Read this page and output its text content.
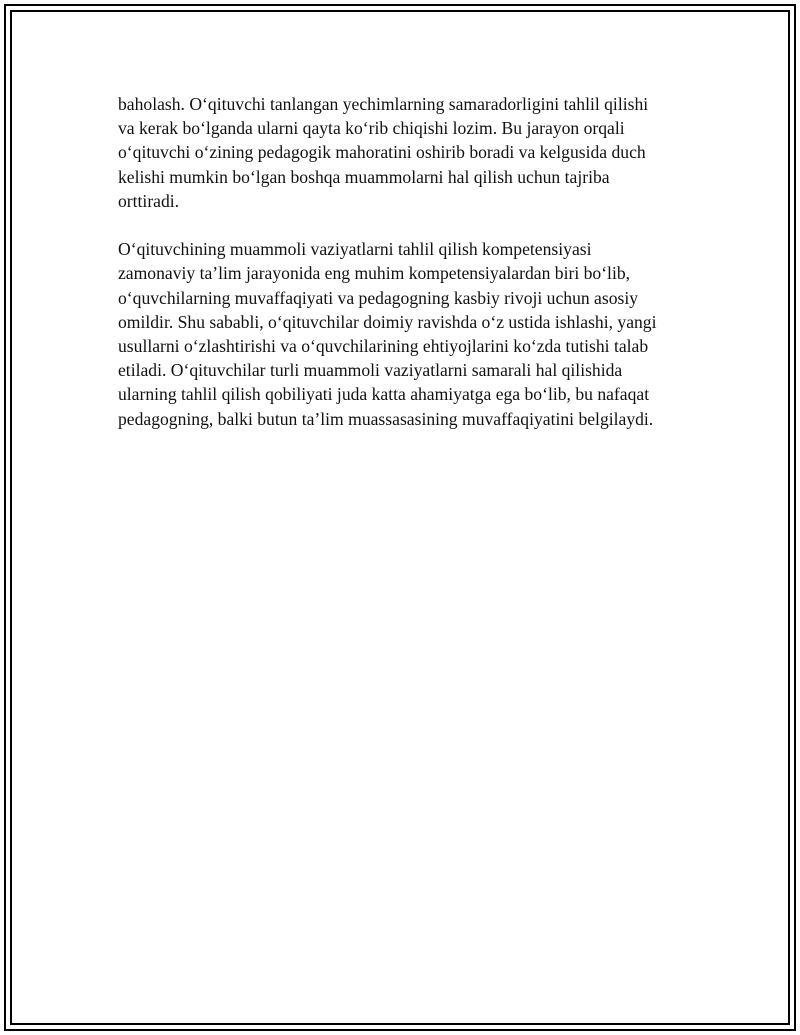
baholash. O‘qituvchi tanlangan yechimlarning samaradorligini tahlil qilishi
va kerak bo‘lganda ularni qayta ko‘rib chiqishi lozim. Bu jarayon orqali
o‘qituvchi o‘zining pedagogik mahoratini oshirib boradi va kelgusida duch
kelishi mumkin bo‘lgan boshqa muammolarni hal qilish uchun tajriba
orttiradi.

O‘qituvchining muammoli vaziyatlarni tahlil qilish kompetensiyasi
zamonaviy ta’lim jarayonida eng muhim kompetensiyalardan biri bo‘lib,
o‘quvchilarning muvaffaqiyati va pedagogning kasbiy rivoji uchun asosiy
omildir. Shu sababli, o‘qituvchilar doimiy ravishda o‘z ustida ishlashi, yangi
usullarni o‘zlashtirishi va o‘quvchilarining ehtiyojlarini ko‘zda tutishi talab
etiladi. O‘qituvchilar turli muammoli vaziyatlarni samarali hal qilishida
ularning tahlil qilish qobiliyati juda katta ahamiyatga ega bo‘lib, bu nafaqat
pedagogning, balki butun ta’lim muassasasining muvaffaqiyatini belgilaydi.
